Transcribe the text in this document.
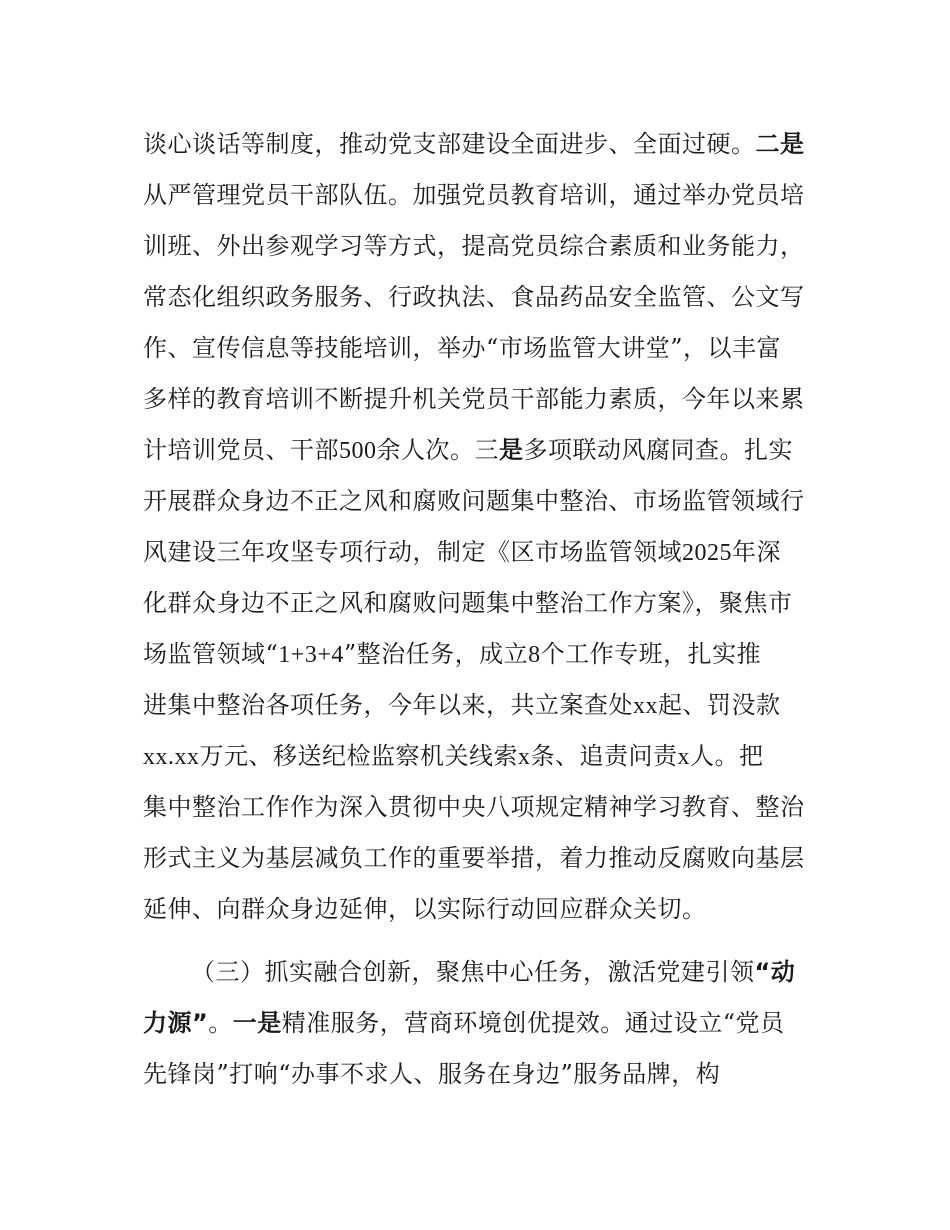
谈心谈话等制度，推动党支部建设全面进步、全面过硬。二是
从严管理党员干部队伍。加强党员教育培训，通过举办党员培
训班、外出参观学习等方式，提高党员综合素质和业务能力，
常态化组织政务服务、行政执法、食品药品安全监管、公文写
作、宣传信息等技能培训，举办“市场监管大讲堂”，以丰富
多样的教育培训不断提升机关党员干部能力素质，今年以来累
计培训党员、干部500余人次。三是多项联动风腐同查。扎实
开展群众身边不正之风和腐败问题集中整治、市场监管领域行
风建设三年攻坚专项行动，制定《区市场监管领域2025年深
化群众身边不正之风和腐败问题集中整治工作方案》，聚焦市
场监管领域“1+3+4”整治任务，成立8个工作专班，扎实推
进集中整治各项任务，今年以来，共立案查处xx起、罚没款
xx.xx万元、移送纪检监察机关线索x条、追责问责x人。把
集中整治工作作为深入贯彻中央八项规定精神学习教育、整治
形式主义为基层减负工作的重要举措，着力推动反腐败向基层
延伸、向群众身边延伸，以实际行动回应群众关切。
（三）抓实融合创新，聚焦中心任务，激活党建引领“动
力源”。一是精准服务，营商环境创优提效。通过设立“党员
先锋岗”打响“办事不求人、服务在身边”服务品牌，构
